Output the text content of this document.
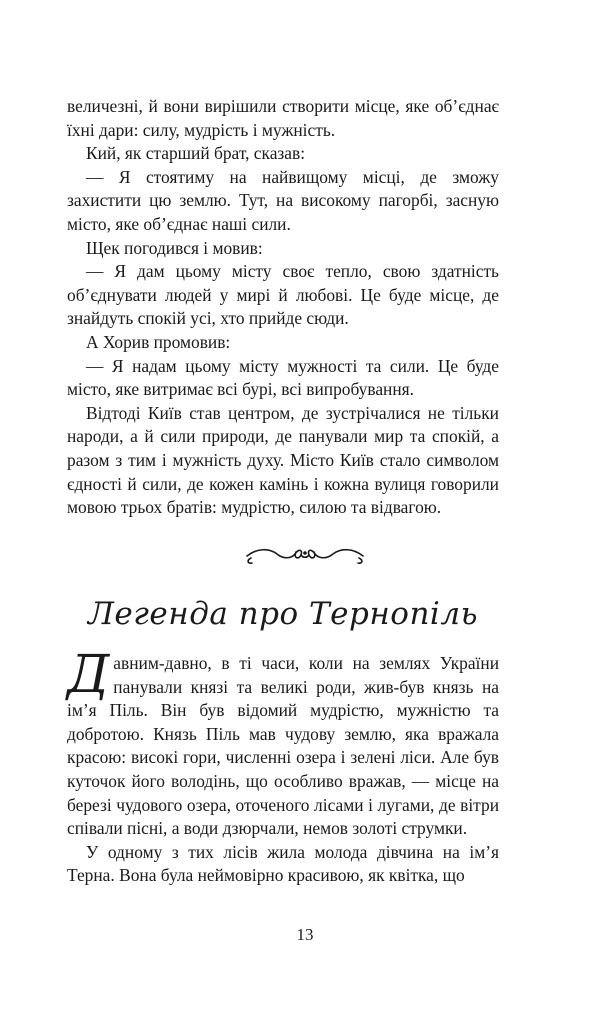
величезні, й вони вирішили створити місце, яке об’єднає їхні дари: силу, мудрість і мужність.

Кий, як старший брат, сказав:

— Я стоятиму на найвищому місці, де зможу захистити цю землю. Тут, на високому пагорбі, засную місто, яке об’єднає наші сили.

Щек погодився і мовив:

— Я дам цьому місту своє тепло, свою здатність об’єднувати людей у мирі й любові. Це буде місце, де знайдуть спокій усі, хто прийде сюди.

А Хорив промовив:

— Я надам цьому місту мужності та сили. Це буде місто, яке витримає всі бурі, всі випробування.

Відтоді Київ став центром, де зустрічалися не тільки народи, а й сили природи, де панували мир та спокій, а разом з тим і мужність духу. Місто Київ стало символом єдності й сили, де кожен камінь і кожна вулиця говорили мовою трьох братів: мудрістю, силою та відвагою.

Легенда про Тернопіль

Давним-давно, в ті часи, коли на землях України панували князі та великі роди, жив-був князь на ім’я Піль. Він був відомий мудрістю, мужністю та добротою. Князь Піль мав чудову землю, яка вражала красою: високі гори, численні озера і зелені ліси. Але був куточок його володінь, що особливо вражав, — місце на березі чудового озера, оточеного лісами і лугами, де вітри співали пісні, а води дзюрчали, немов золоті струмки.

У одному з тих лісів жила молода дівчина на ім’я Терна. Вона була неймовірно красивою, як квітка, що

13
